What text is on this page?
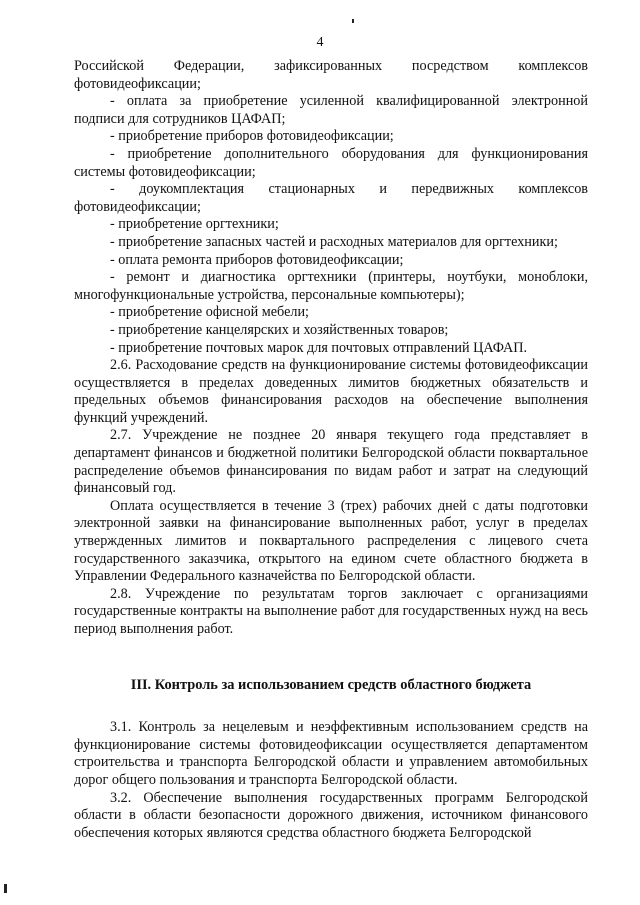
4

Российской Федерации, зафиксированных посредством комплексов фотовидеофиксации;

- оплата за приобретение усиленной квалифицированной электронной подписи для сотрудников ЦАФАП;

- приобретение приборов фотовидеофиксации;

- приобретение дополнительного оборудования для функционирования системы фотовидеофиксации;

- доукомплектация стационарных и передвижных комплексов фотовидеофиксации;

- приобретение оргтехники;

- приобретение запасных частей и расходных материалов для оргтехники;

- оплата ремонта приборов фотовидеофиксации;

- ремонт и диагностика оргтехники (принтеры, ноутбуки, моноблоки, многофункциональные устройства, персональные компьютеры);

- приобретение офисной мебели;

- приобретение канцелярских и хозяйственных товаров;

- приобретение почтовых марок для почтовых отправлений ЦАФАП.

2.6. Расходование средств на функционирование системы фотовидеофиксации осуществляется в пределах доведенных лимитов бюджетных обязательств и предельных объемов финансирования расходов на обеспечение выполнения функций учреждений.

2.7. Учреждение не позднее 20 января текущего года представляет в департамент финансов и бюджетной политики Белгородской области поквартальное распределение объемов финансирования по видам работ и затрат на следующий финансовый год.

Оплата осуществляется в течение 3 (трех) рабочих дней с даты подготовки электронной заявки на финансирование выполненных работ, услуг в пределах утвержденных лимитов и поквартального распределения с лицевого счета государственного заказчика, открытого на едином счете областного бюджета в Управлении Федерального казначейства по Белгородской области.

2.8. Учреждение по результатам торгов заключает с организациями государственные контракты на выполнение работ для государственных нужд на весь период выполнения работ.

III. Контроль за использованием средств областного бюджета

3.1. Контроль за нецелевым и неэффективным использованием средств на функционирование системы фотовидеофиксации осуществляется департаментом строительства и транспорта Белгородской области и управлением автомобильных дорог общего пользования и транспорта Белгородской области.

3.2. Обеспечение выполнения государственных программ Белгородской области в области безопасности дорожного движения, источником финансового обеспечения которых являются средства областного бюджета Белгородской
